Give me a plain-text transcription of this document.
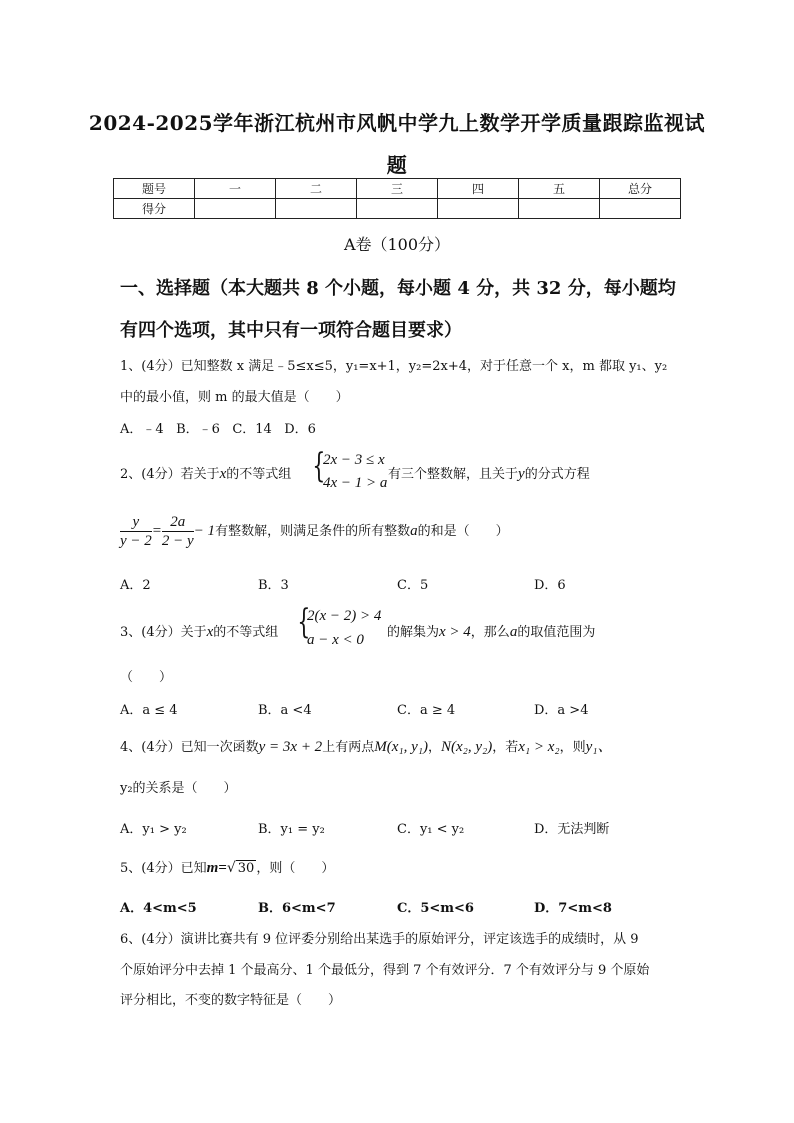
2024-2025学年浙江杭州市风帆中学九上数学开学质量跟踪监视试
题
题号	一	二	三	四	五	总分
得分						
A卷（100分）
一、选择题（本大题共 8 个小题，每小题 4 分，共 32 分，每小题均
有四个选项，其中只有一项符合题目要求）
1、(4分）已知整数 x 满足﹣5≤x≤5，y₁=x+1，y₂=2x+4，对于任意一个 x，m 都取 y₁、y₂
中的最小值，则 m 的最大值是（　　）
A．﹣4 B．﹣6 C．14 D．6
2、(4分）若关于x的不等式组 {
2x − 3 ≤ x
4x − 1 > a
有三个整数解，且关于y的分式方程
$\frac{y}{y - 2} = \frac{2a}{2 - y} - 1$有整数解，则满足条件的所有整数a的和是（　　）
A．2	B．3	C．5	D．6
3、(4分）关于x的不等式组 {
2(x − 2) > 4
a − x < 0 的解集为x > 4，那么a的取值范围为
（　　）
A．a ≤ 4	B．a <4	C．a ≥ 4	D．a >4
4、(4分）已知一次函数y = 3x + 2上有两点M(x₁, y₁)，N(x₂, y₂)，若x₁ > x₂，则y₁、
y₂的关系是（　　）
A．y₁ > y₂	B．y₁ = y₂	C．y₁ < y₂	D．无法判断
5、(4分）已知m=√ 30 ，则（　　）
A．4<m<5	B．6<m<7	C．5<m<6	D．7<m<8
6、(4分）演讲比赛共有 9 位评委分别给出某选手的原始评分，评定该选手的成绩时，从 9
个原始评分中去掉 1 个最高分、1 个最低分，得到 7 个有效评分．7 个有效评分与 9 个原始
评分相比，不变的数字特征是（　　）
